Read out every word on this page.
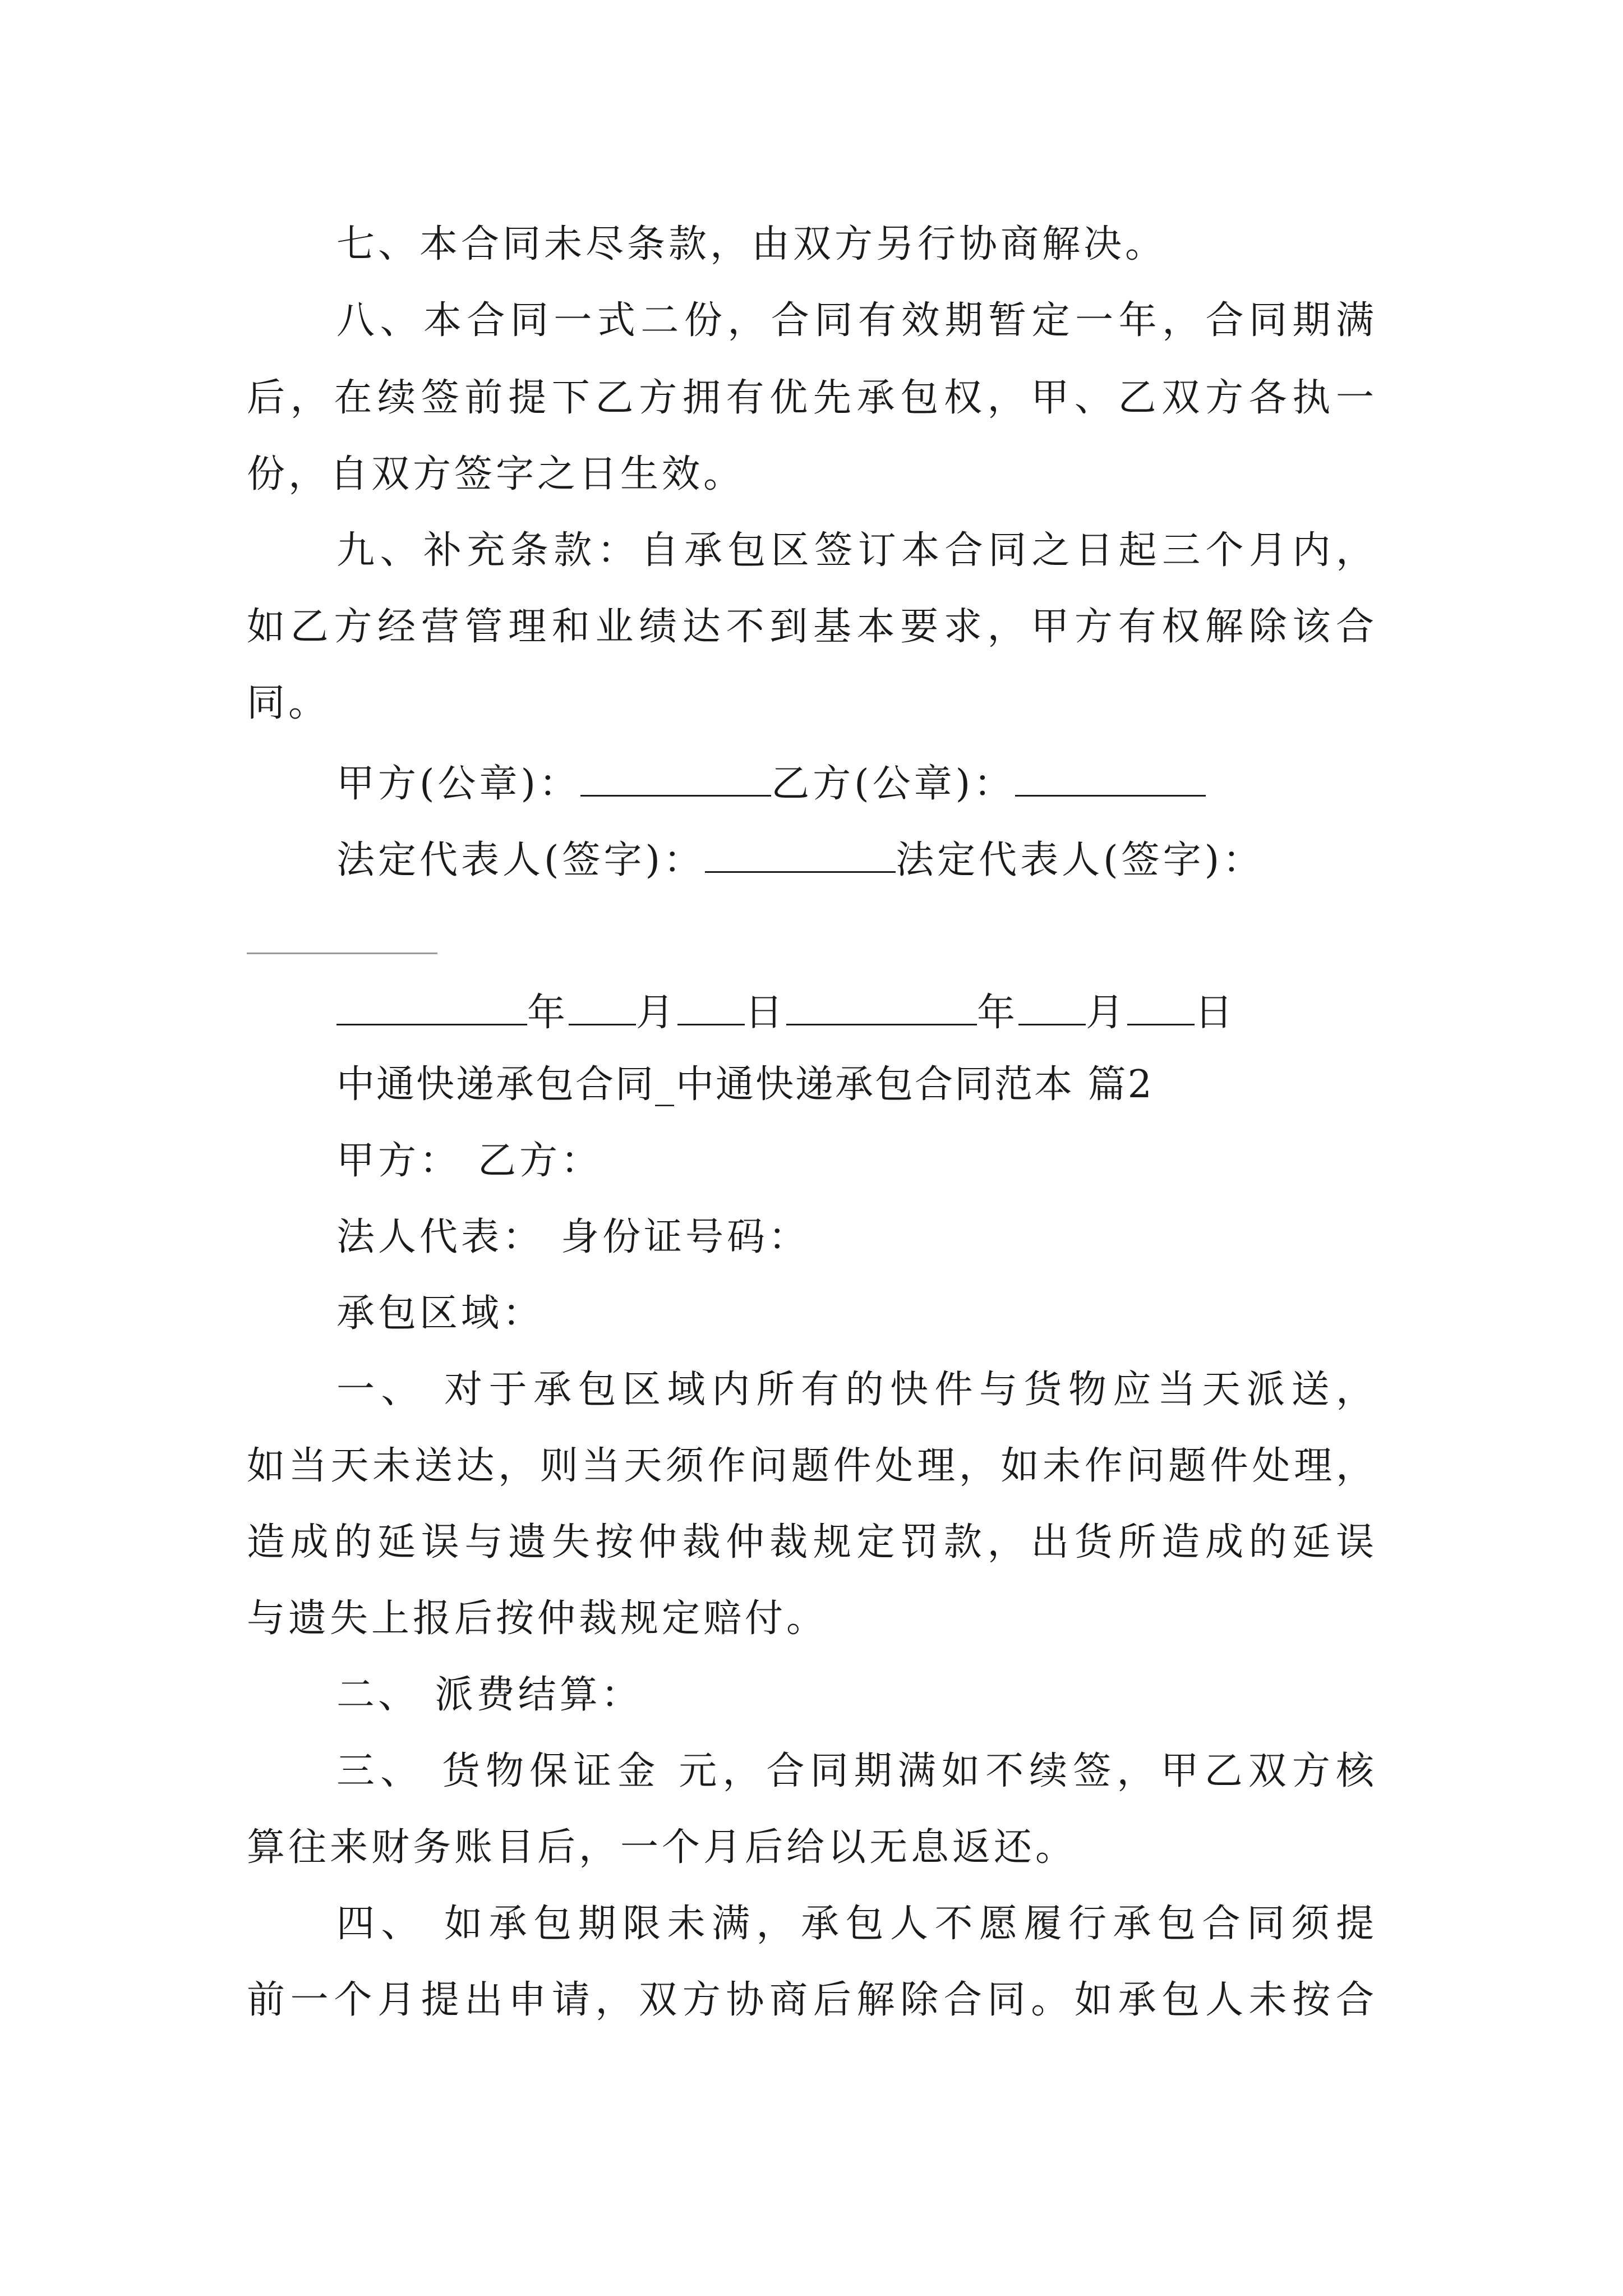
七、本合同未尽条款，由双方另行协商解决。
八、本合同一式二份，合同有效期暂定一年，合同期满
后，在续签前提下乙方拥有优先承包权，甲、乙双方各执一
份，自双方签字之日生效。
九、补充条款：自承包区签订本合同之日起三个月内，
如乙方经营管理和业绩达不到基本要求，甲方有权解除该合
同。
甲方(公章)：	乙方(公章)：
法定代表人(签字)：	法定代表人(签字)：
年 月 日	年 月 日
中通快递承包合同_中通快递承包合同范本 篇2
甲方： 乙方：
法人代表： 身份证号码：
承包区域：
一、 对于承包区域内所有的快件与货物应当天派送，
如当天未送达，则当天须作问题件处理，如未作问题件处理，
造成的延误与遗失按仲裁仲裁规定罚款，出货所造成的延误
与遗失上报后按仲裁规定赔付。
二、 派费结算：
三、 货物保证金 元，合同期满如不续签，甲乙双方核
算往来财务账目后，一个月后给以无息返还。
四、 如承包期限未满，承包人不愿履行承包合同须提
前一个月提出申请，双方协商后解除合同。如承包人未按合
